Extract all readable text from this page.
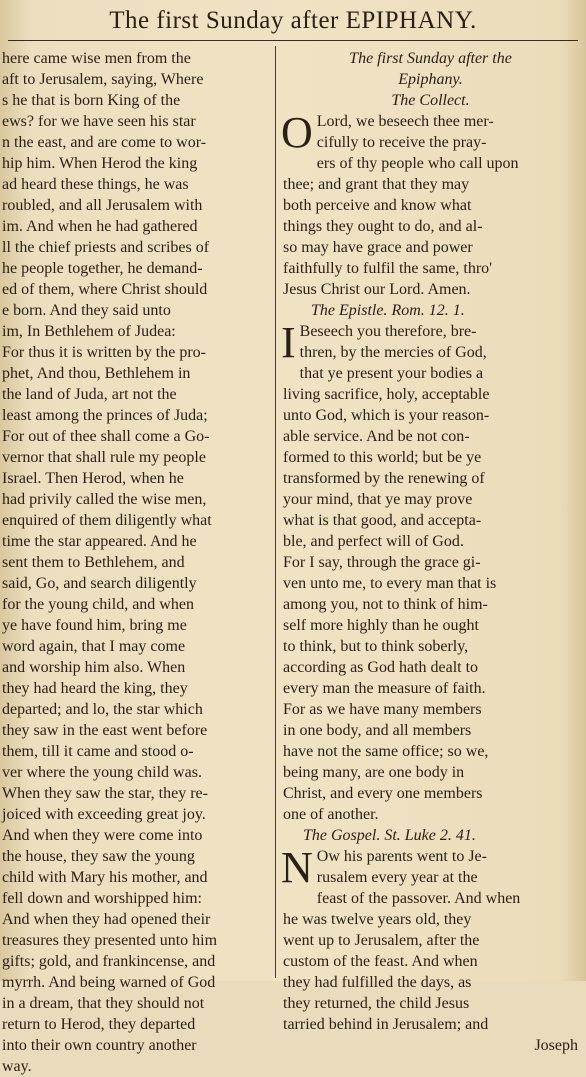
The first Sunday after EPIPHANY.
here came wise men from the
aft to Jerusalem, saying, Where
s he that is born King of the
ews? for we have seen his star
n the east, and are come to wor-
hip him. When Herod the king
ad heard these things, he was
roubled, and all Jerusalem with
im. And when he had gathered
ll the chief priests and scribes of
he people together, he demand-
ed of them, where Christ should
e born. And they said unto
im, In Bethlehem of Judea:
For thus it is written by the pro-
phet, And thou, Bethlehem in
the land of Juda, art not the
least among the princes of Juda;
For out of thee shall come a Go-
vernor that shall rule my people
Israel. Then Herod, when he
had privily called the wise men,
enquired of them diligently what
time the star appeared. And he
sent them to Bethlehem, and
said, Go, and search diligently
for the young child, and when
ye have found him, bring me
word again, that I may come
and worship him also. When
they had heard the king, they
departed; and lo, the star which
they saw in the east went before
them, till it came and stood o-
ver where the young child was.
When they saw the star, they re-
joiced with exceeding great joy.
And when they were come into
the house, they saw the young
child with Mary his mother, and
fell down and worshipped him:
And when they had opened their
treasures they presented unto him
gifts; gold, and frankincense, and
myrrh. And being warned of God
in a dream, that they should not
return to Herod, they departed
into their own country another
way.
The first Sunday after the
Epiphany.
The Collect.
O Lord, we beseech thee mer-
cifully to receive the pray-
ers of thy people who call upon
thee; and grant that they may
both perceive and know what
things they ought to do, and al-
so may have grace and power
faithfully to fulfil the same, thro'
Jesus Christ our Lord. Amen.
The Epistle. Rom. 12. 1.
I Beseech you therefore, bre-
thren, by the mercies of God,
that ye present your bodies a
living sacrifice, holy, acceptable
unto God, which is your reason-
able service. And be not con-
formed to this world; but be ye
transformed by the renewing of
your mind, that ye may prove
what is that good, and accepta-
ble, and perfect will of God.
For I say, through the grace gi-
ven unto me, to every man that is
among you, not to think of him-
self more highly than he ought
to think, but to think soberly,
according as God hath dealt to
every man the measure of faith.
For as we have many members
in one body, and all members
have not the same office; so we,
being many, are one body in
Christ, and every one members
one of another.
The Gospel. St. Luke 2. 41.
N Ow his parents went to Je-
rusalem every year at the
feast of the passover. And when
he was twelve years old, they
went up to Jerusalem, after the
custom of the feast. And when
they had fulfilled the days, as
they returned, the child Jesus
tarried behind in Jerusalem; and
Joseph
